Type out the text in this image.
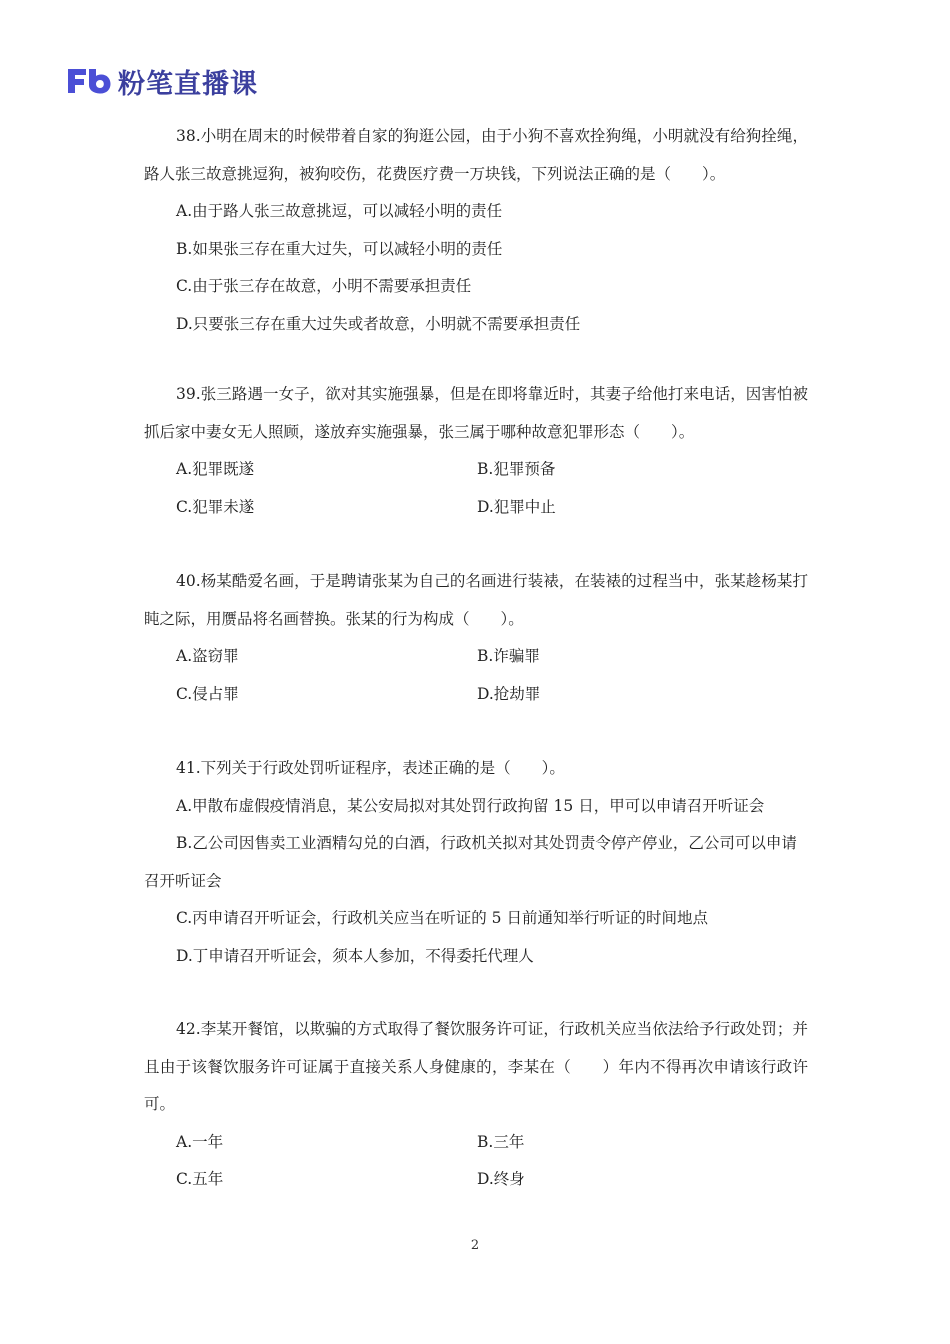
粉笔直播课

38.小明在周末的时候带着自家的狗逛公园，由于小狗不喜欢拴狗绳，小明就没有给狗拴绳，路人张三故意挑逗狗，被狗咬伤，花费医疗费一万块钱，下列说法正确的是（　　）。

A.由于路人张三故意挑逗，可以减轻小明的责任

B.如果张三存在重大过失，可以减轻小明的责任

C.由于张三存在故意，小明不需要承担责任

D.只要张三存在重大过失或者故意，小明就不需要承担责任

39.张三路遇一女子，欲对其实施强暴，但是在即将靠近时，其妻子给他打来电话，因害怕被抓后家中妻女无人照顾，遂放弃实施强暴，张三属于哪种故意犯罪形态（　　）。

A.犯罪既遂	B.犯罪预备
C.犯罪未遂	D.犯罪中止

40.杨某酷爱名画，于是聘请张某为自己的名画进行装裱，在装裱的过程当中，张某趁杨某打盹之际，用赝品将名画替换。张某的行为构成（　　）。

A.盗窃罪	B.诈骗罪
C.侵占罪	D.抢劫罪

41.下列关于行政处罚听证程序，表述正确的是（　　）。

A.甲散布虚假疫情消息，某公安局拟对其处罚行政拘留 15 日，甲可以申请召开听证会

B.乙公司因售卖工业酒精勾兑的白酒，行政机关拟对其处罚责令停产停业，乙公司可以申请召开听证会

C.丙申请召开听证会，行政机关应当在听证的 5 日前通知举行听证的时间地点

D.丁申请召开听证会，须本人参加，不得委托代理人

42.李某开餐馆，以欺骗的方式取得了餐饮服务许可证，行政机关应当依法给予行政处罚；并且由于该餐饮服务许可证属于直接关系人身健康的，李某在（　　）年内不得再次申请该行政许可。

A.一年	B.三年
C.五年	D.终身
2
